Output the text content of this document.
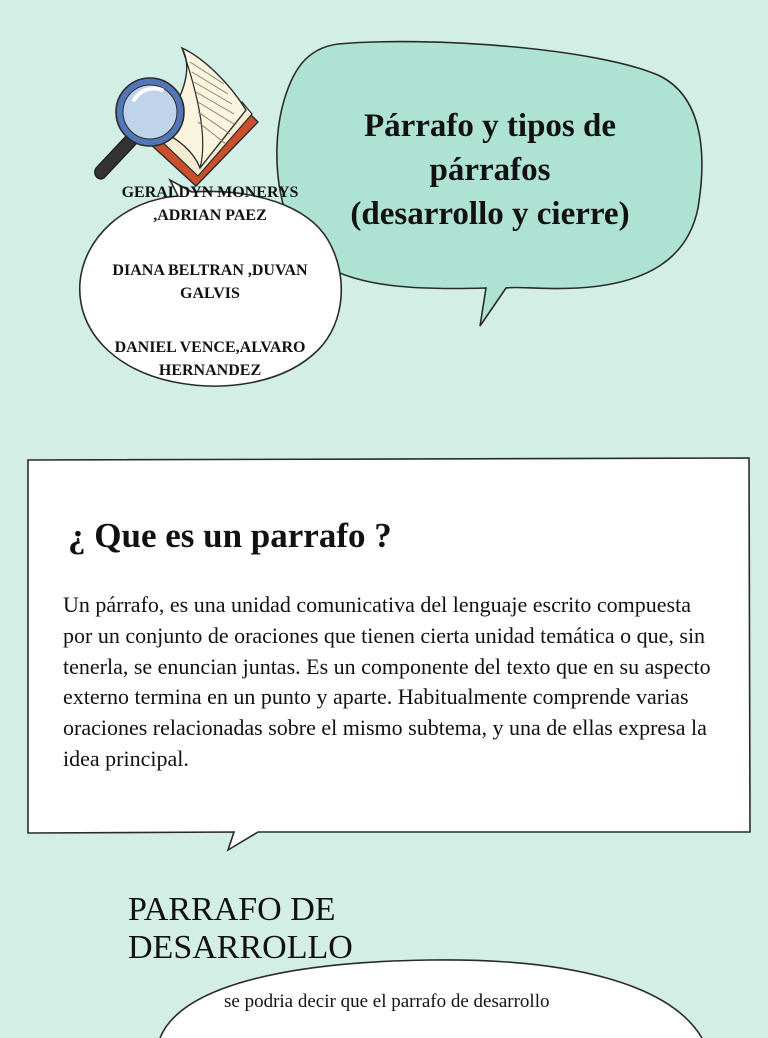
Párrafo y tipos de
párrafos
(desarrollo y cierre)
GERALDYN MONERYS ,ADRIAN PAEZ
DIANA BELTRAN ,DUVAN GALVIS
DANIEL VENCE,ALVARO HERNANDEZ
¿ Que es un parrafo ?
Un párrafo, es una unidad comunicativa del lenguaje escrito compuesta por un conjunto de oraciones que tienen cierta unidad temática o que, sin tenerla, se enuncian juntas. Es un componente del texto que en su aspecto externo termina en un punto y aparte. Habitualmente comprende varias oraciones relacionadas sobre el mismo subtema, y una de ellas expresa la idea principal.
PARRAFO DE DESARROLLO
se podria decir que el parrafo de desarrollo
